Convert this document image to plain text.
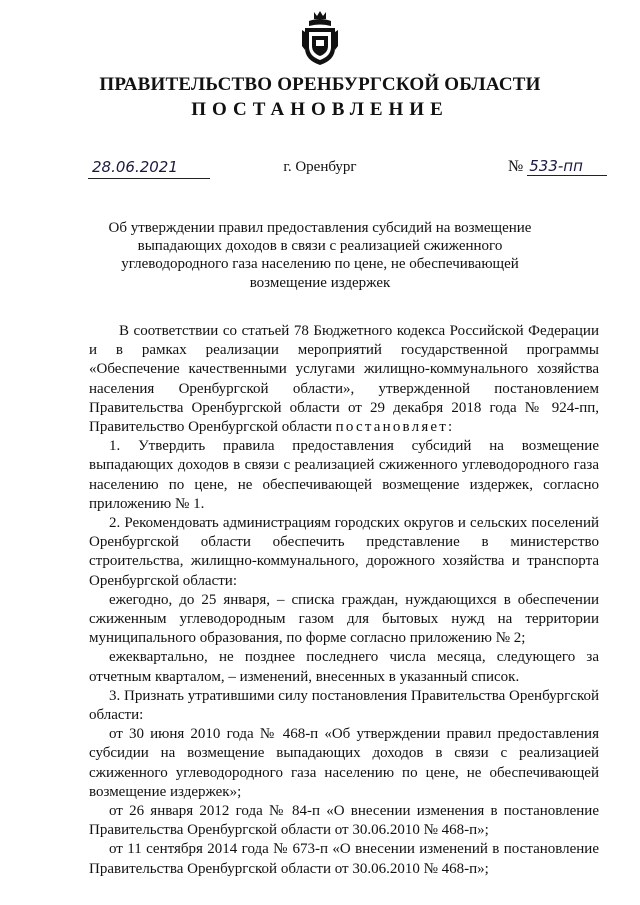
ПРАВИТЕЛЬСТВО ОРЕНБУРГСКОЙ ОБЛАСТИ
ПОСТАНОВЛЕНИЕ
28.06.2021	г. Оренбург	№ 533-пп
Об утверждении правил предоставления субсидий на возмещение выпадающих доходов в связи с реализацией сжиженного углеводородного газа населению по цене, не обеспечивающей возмещение издержек

В соответствии со статьей 78 Бюджетного кодекса Российской Федерации и в рамках реализации мероприятий государственной программы «Обеспечение качественными услугами жилищно-коммунального хозяйства населения Оренбургской области», утвержденной постановлением Правительства Оренбургской области от 29 декабря 2018 года № 924-пп, Правительство Оренбургской области постановляет:

1. Утвердить правила предоставления субсидий на возмещение выпадающих доходов в связи с реализацией сжиженного углеводородного газа населению по цене, не обеспечивающей возмещение издержек, согласно приложению № 1.

2. Рекомендовать администрациям городских округов и сельских поселений Оренбургской области обеспечить представление в министерство строительства, жилищно-коммунального, дорожного хозяйства и транспорта Оренбургской области:

ежегодно, до 25 января, – списка граждан, нуждающихся в обеспечении сжиженным углеводородным газом для бытовых нужд на территории муниципального образования, по форме согласно приложению № 2;

ежеквартально, не позднее последнего числа месяца, следующего за отчетным кварталом, – изменений, внесенных в указанный список.

3. Признать утратившими силу постановления Правительства Оренбургской области:

от 30 июня 2010 года № 468-п «Об утверждении правил предоставления субсидии на возмещение выпадающих доходов в связи с реализацией сжиженного углеводородного газа населению по цене, не обеспечивающей возмещение издержек»;

от 26 января 2012 года № 84-п «О внесении изменения в постановление Правительства Оренбургской области от 30.06.2010 № 468-п»;

от 11 сентября 2014 года № 673-п «О внесении изменений в постановление Правительства Оренбургской области от 30.06.2010 № 468-п»;
